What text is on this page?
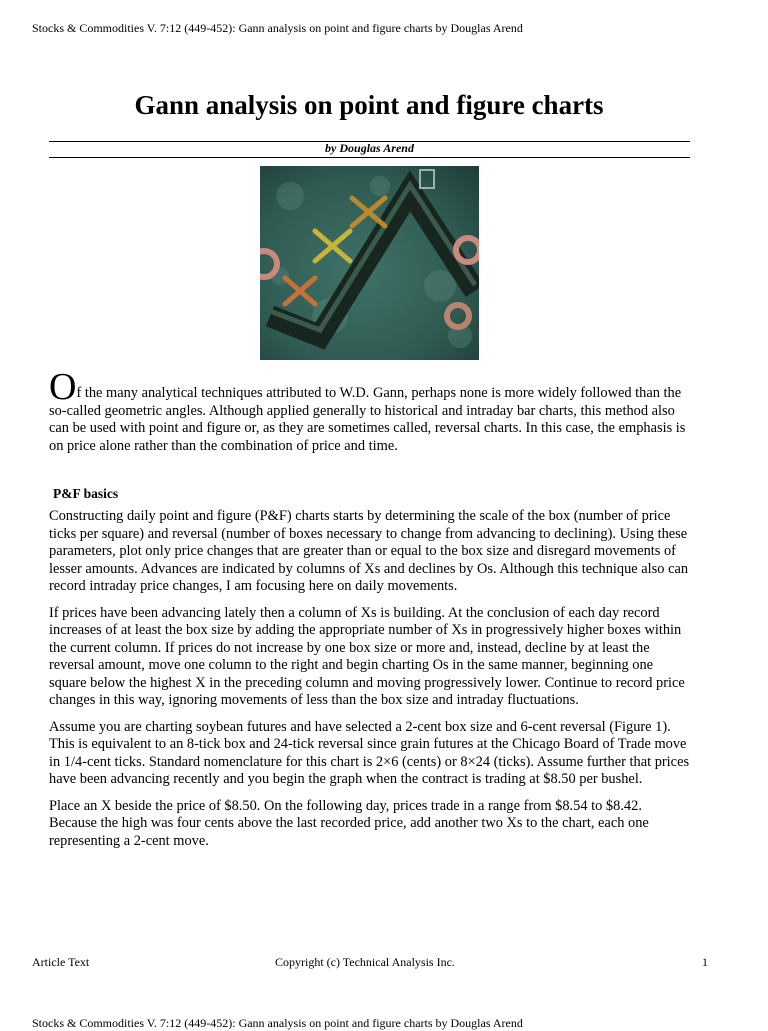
Stocks & Commodities V. 7:12 (449-452): Gann analysis on point and figure charts by Douglas Arend
Gann analysis on point and figure charts
by Douglas Arend

Of the many analytical techniques attributed to W.D. Gann, perhaps none is more widely followed than the so-called geometric angles. Although applied generally to historical and intraday bar charts, this method also can be used with point and figure or, as they are sometimes called, reversal charts. In this case, the emphasis is on price alone rather than the combination of price and time.

P&F basics

Constructing daily point and figure (P&F) charts starts by determining the scale of the box (number of price ticks per square) and reversal (number of boxes necessary to change from advancing to declining). Using these parameters, plot only price changes that are greater than or equal to the box size and disregard movements of lesser amounts. Advances are indicated by columns of Xs and declines by Os. Although this technique also can record intraday price changes, I am focusing here on daily movements.

If prices have been advancing lately then a column of Xs is building. At the conclusion of each day record increases of at least the box size by adding the appropriate number of Xs in progressively higher boxes within the current column. If prices do not increase by one box size or more and, instead, decline by at least the reversal amount, move one column to the right and begin charting Os in the same manner, beginning one square below the highest X in the preceding column and moving progressively lower. Continue to record price changes in this way, ignoring movements of less than the box size and intraday fluctuations.

Assume you are charting soybean futures and have selected a 2-cent box size and 6-cent reversal (Figure 1). This is equivalent to an 8-tick box and 24-tick reversal since grain futures at the Chicago Board of Trade move in 1/4-cent ticks. Standard nomenclature for this chart is 2×6 (cents) or 8×24 (ticks). Assume further that prices have been advancing recently and you begin the graph when the contract is trading at $8.50 per bushel.

Place an X beside the price of $8.50. On the following day, prices trade in a range from $8.54 to $8.42. Because the high was four cents above the last recorded price, add another two Xs to the chart, each one representing a 2-cent move.

Article Text	Copyright (c) Technical Analysis Inc.	1
Stocks & Commodities V. 7:12 (449-452): Gann analysis on point and figure charts by Douglas Arend
